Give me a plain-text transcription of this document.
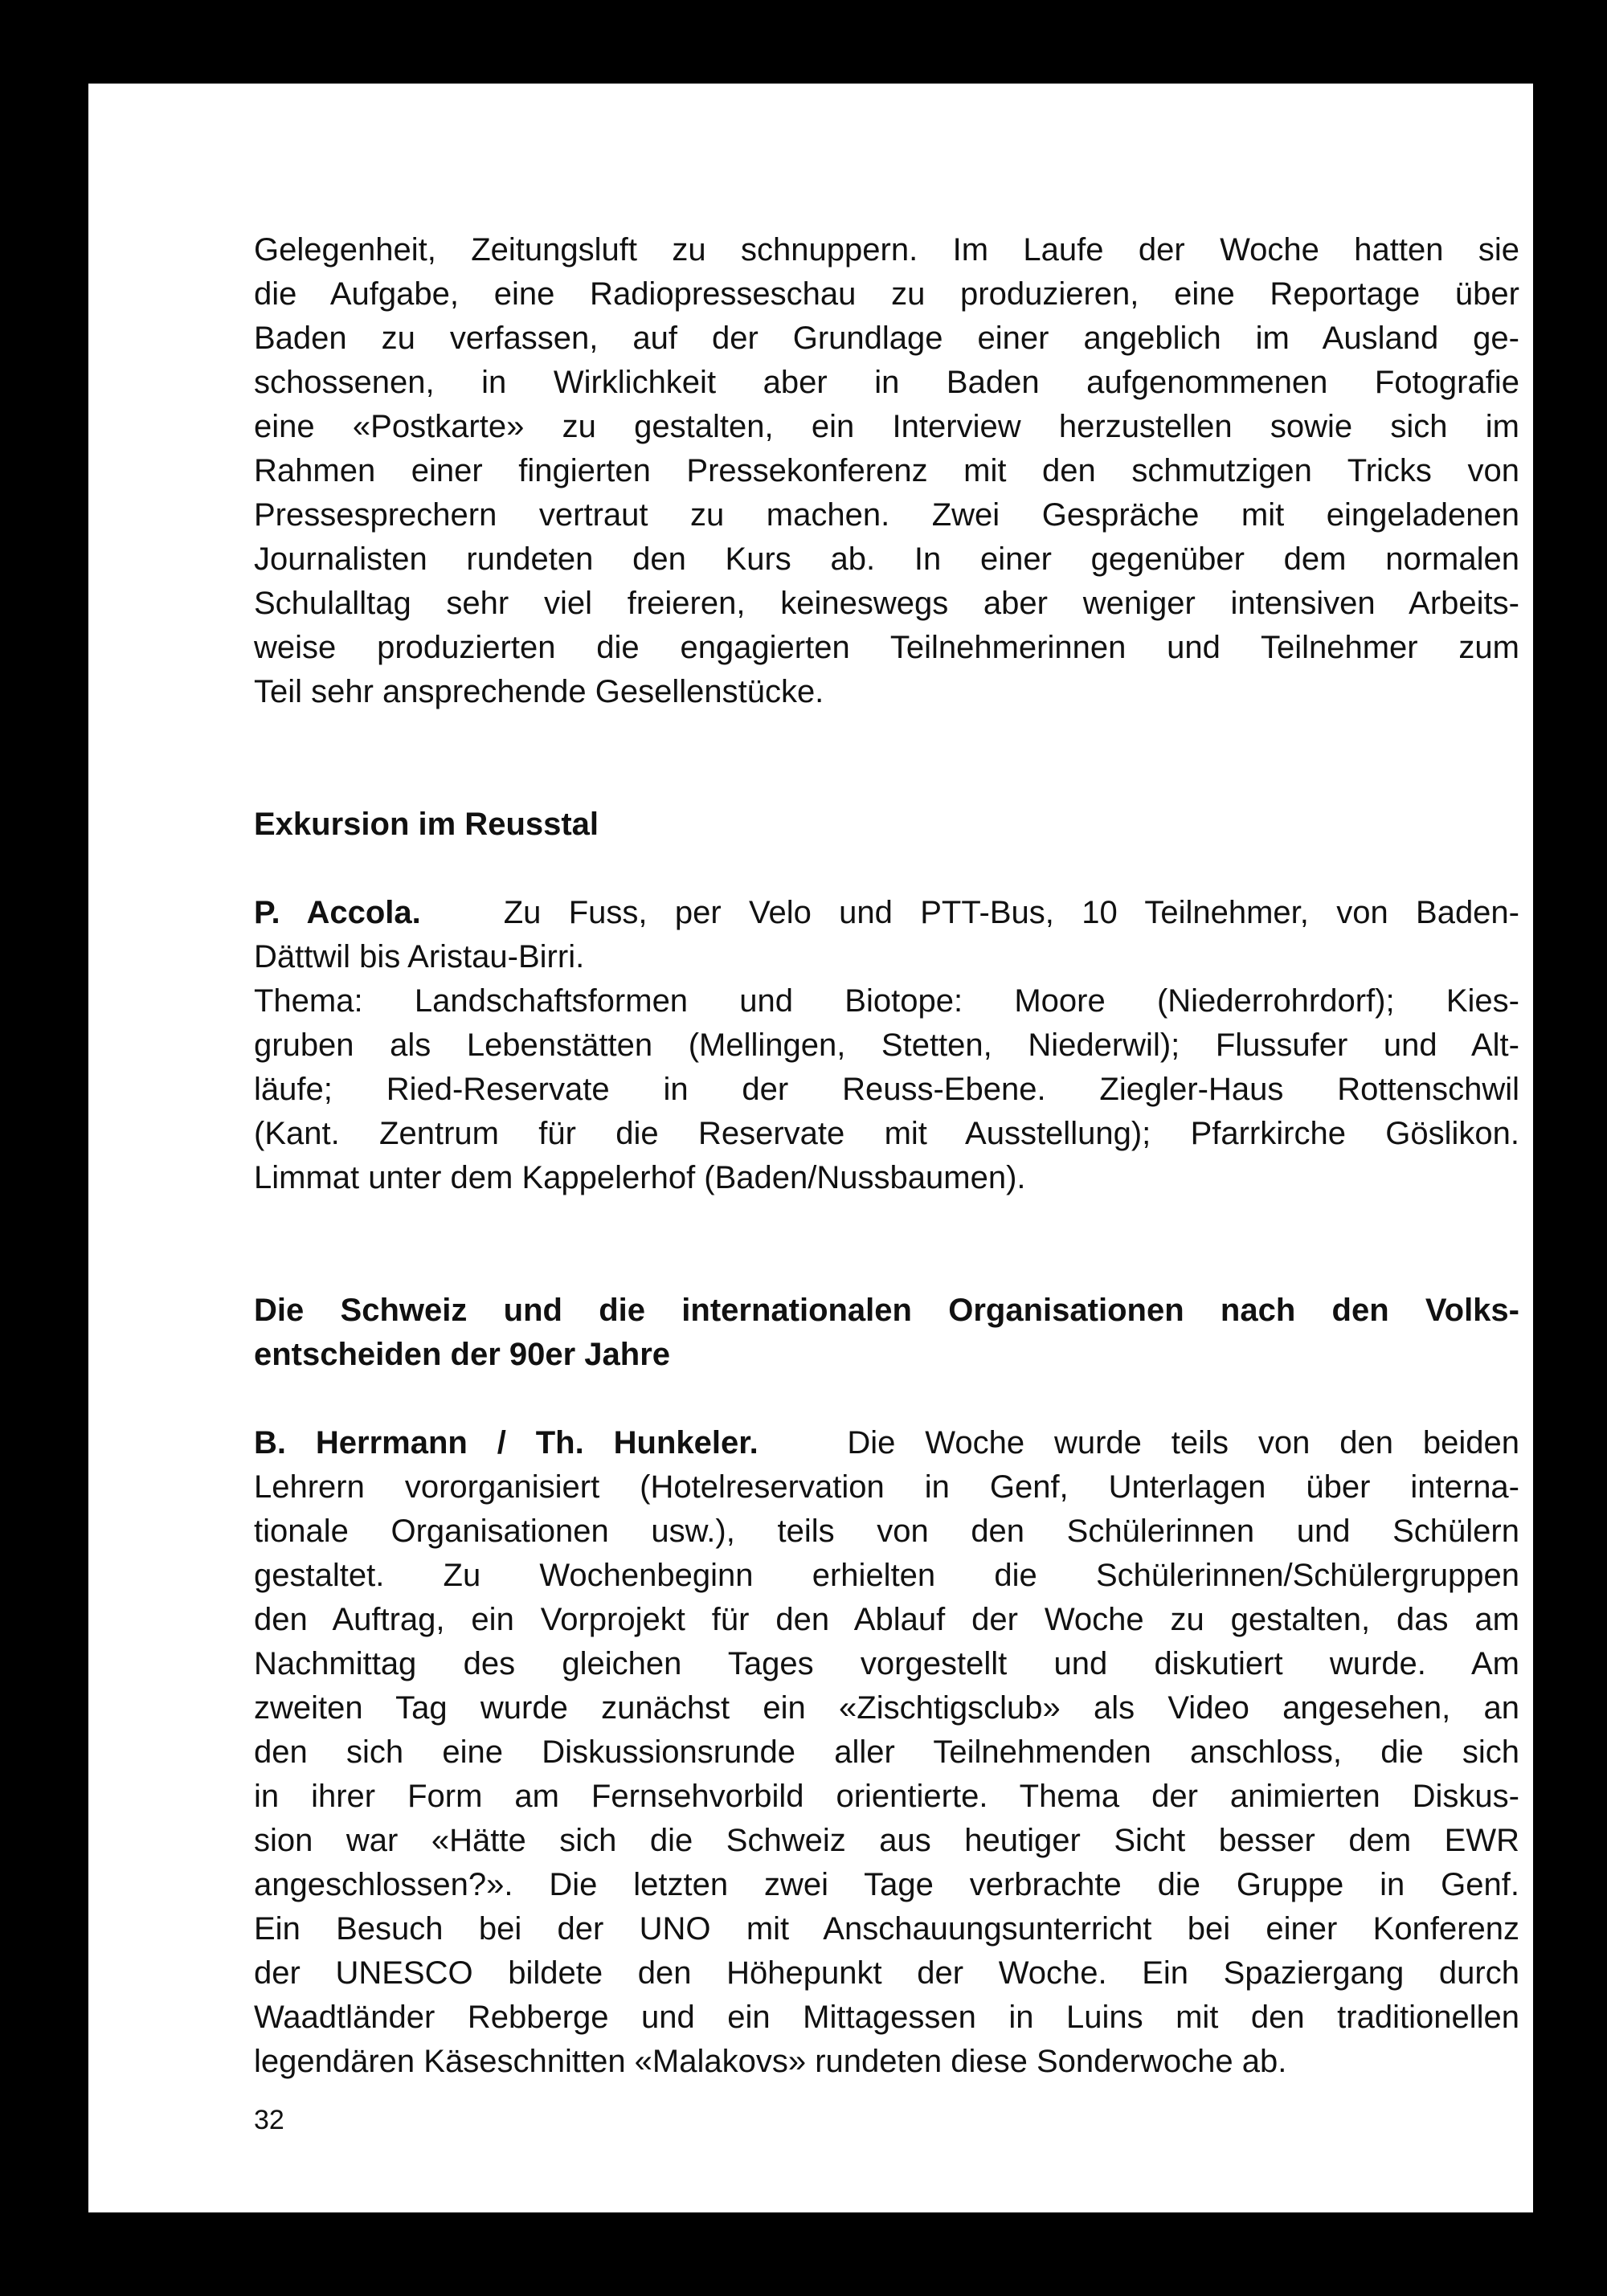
Gelegenheit, Zeitungsluft zu schnuppern. Im Laufe der Woche hatten sie
die Aufgabe, eine Radiopresseschau zu produzieren, eine Reportage über
Baden zu verfassen, auf der Grundlage einer angeblich im Ausland ge-
schossenen, in Wirklichkeit aber in Baden aufgenommenen Fotografie
eine «Postkarte» zu gestalten, ein Interview herzustellen sowie sich im
Rahmen einer fingierten Pressekonferenz mit den schmutzigen Tricks von
Pressesprechern vertraut zu machen. Zwei Gespräche mit eingeladenen
Journalisten rundeten den Kurs ab. In einer gegenüber dem normalen
Schulalltag sehr viel freieren, keineswegs aber weniger intensiven Arbeits-
weise produzierten die engagierten Teilnehmerinnen und Teilnehmer zum
Teil sehr ansprechende Gesellenstücke.

Exkursion im Reusstal

P. Accola.	Zu Fuss, per Velo und PTT-Bus, 10 Teilnehmer, von Baden-
Dättwil bis Aristau-Birri.
Thema: Landschaftsformen und Biotope: Moore (Niederrohrdorf); Kies-
gruben als Lebenstätten (Mellingen, Stetten, Niederwil); Flussufer und Alt-
läufe; Ried-Reservate in der Reuss-Ebene. Ziegler-Haus Rottenschwil
(Kant. Zentrum für die Reservate mit Ausstellung); Pfarrkirche Göslikon.
Limmat unter dem Kappelerhof (Baden/Nussbaumen).

Die Schweiz und die internationalen Organisationen nach den Volks-
entscheiden der 90er Jahre

B. Herrmann / Th. Hunkeler.	Die Woche wurde teils von den beiden
Lehrern vororganisiert (Hotelreservation in Genf, Unterlagen über interna-
tionale Organisationen usw.), teils von den Schülerinnen und Schülern
gestaltet. Zu Wochenbeginn erhielten die Schülerinnen/Schülergruppen
den Auftrag, ein Vorprojekt für den Ablauf der Woche zu gestalten, das am
Nachmittag des gleichen Tages vorgestellt und diskutiert wurde. Am
zweiten Tag wurde zunächst ein «Zischtigsclub» als Video angesehen, an
den sich eine Diskussionsrunde aller Teilnehmenden anschloss, die sich
in ihrer Form am Fernsehvorbild orientierte. Thema der animierten Diskus-
sion war «Hätte sich die Schweiz aus heutiger Sicht besser dem EWR
angeschlossen?». Die letzten zwei Tage verbrachte die Gruppe in Genf.
Ein Besuch bei der UNO mit Anschauungsunterricht bei einer Konferenz
der UNESCO bildete den Höhepunkt der Woche. Ein Spaziergang durch
Waadtländer Rebberge und ein Mittagessen in Luins mit den traditionellen
legendären Käseschnitten «Malakovs» rundeten diese Sonderwoche ab.

32
